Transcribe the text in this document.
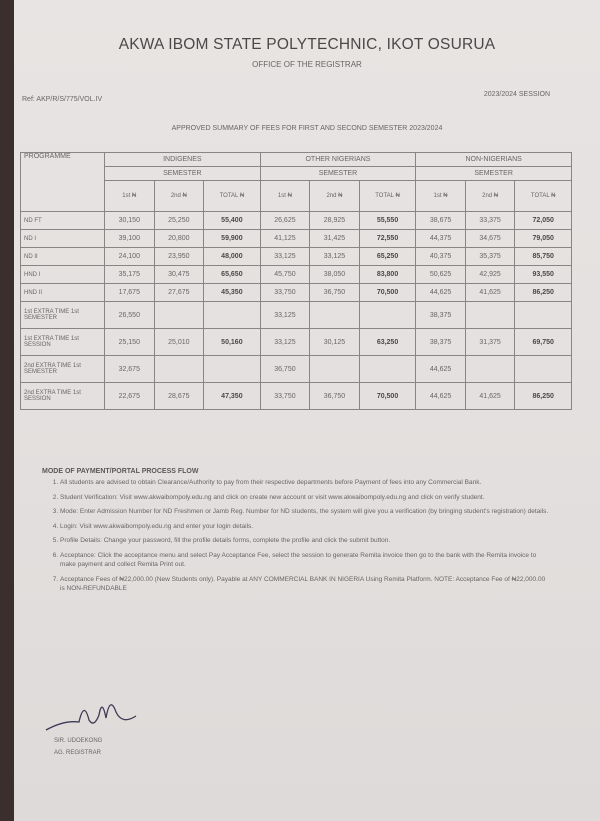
AKWA IBOM STATE POLYTECHNIC, IKOT OSURUA
OFFICE OF THE REGISTRAR
2023/2024 SESSION
Ref: AKP/R/S/775/VOL.IV
APPROVED SUMMARY OF FEES FOR FIRST AND SECOND SEMESTER 2023/2024
PROGRAMME	INDIGENES			OTHER NIGERIANS			NON-NIGERIANS		
	SEMESTER			SEMESTER			SEMESTER		
	1st ₦	2nd ₦	TOTAL ₦	1st ₦	2nd ₦	TOTAL ₦	1st ₦	2nd ₦	TOTAL ₦
ND FT	30,150	25,250	55,400	26,625	28,925	55,550	38,675	33,375	72,050
ND I	39,100	20,800	59,900	41,125	31,425	72,550	44,375	34,675	79,050
ND II	24,100	23,950	48,000	33,125	33,125	65,250	40,375	35,375	85,750
HND I	35,175	30,475	65,650	45,750	38,050	83,800	50,625	42,925	93,550
HND II	17,675	27,675	45,350	33,750	36,750	70,500	44,625	41,625	86,250
1st EXTRA TIME 1st SEMESTER	26,550			33,125			38,375		
1st EXTRA TIME 1st SESSION	25,150	25,010	50,160	33,125	30,125	63,250	38,375	31,375	69,750
2nd EXTRA TIME 1st SEMESTER	32,675			36,750			44,625		
2nd EXTRA TIME 1st SESSION	22,675	28,675	47,350	33,750	36,750	70,500	44,625	41,625	86,250
MODE OF PAYMENT/PORTAL PROCESS FLOW
1. All students are advised to obtain Clearance/Authority to pay from their respective departments before Payment of fees into any Commercial Bank.
2. Student Verification: Visit www.akwaibompoly.edu.ng and click on create new account or visit www.akwaibompoly.edu.ng and click on verify student.
3. Mode: Enter Admission Number for ND Freshmen or Jamb Reg. Number for ND students, the system will give you a verification (by bringing student's registration) details.
4. Login: Visit www.akwaibompoly.edu.ng and enter your login details.
5. Profile Details: Change your password, fill the profile details forms, complete the profile and click the submit button.
6. Acceptance: Click the acceptance menu and select Pay Acceptance Fee, select the session to generate Remita invoice then go to the bank with the Remita invoice to make payment and collect Remita Print out.
7. Acceptance Fees of ₦22,000.00 (New Students only). Payable at ANY COMMERCIAL BANK IN NIGERIA Using Remita Platform. NOTE: Acceptance Fee of ₦22,000.00 is NON-REFUNDABLE
SIR. UDOEKONG
AG. REGISTRAR
